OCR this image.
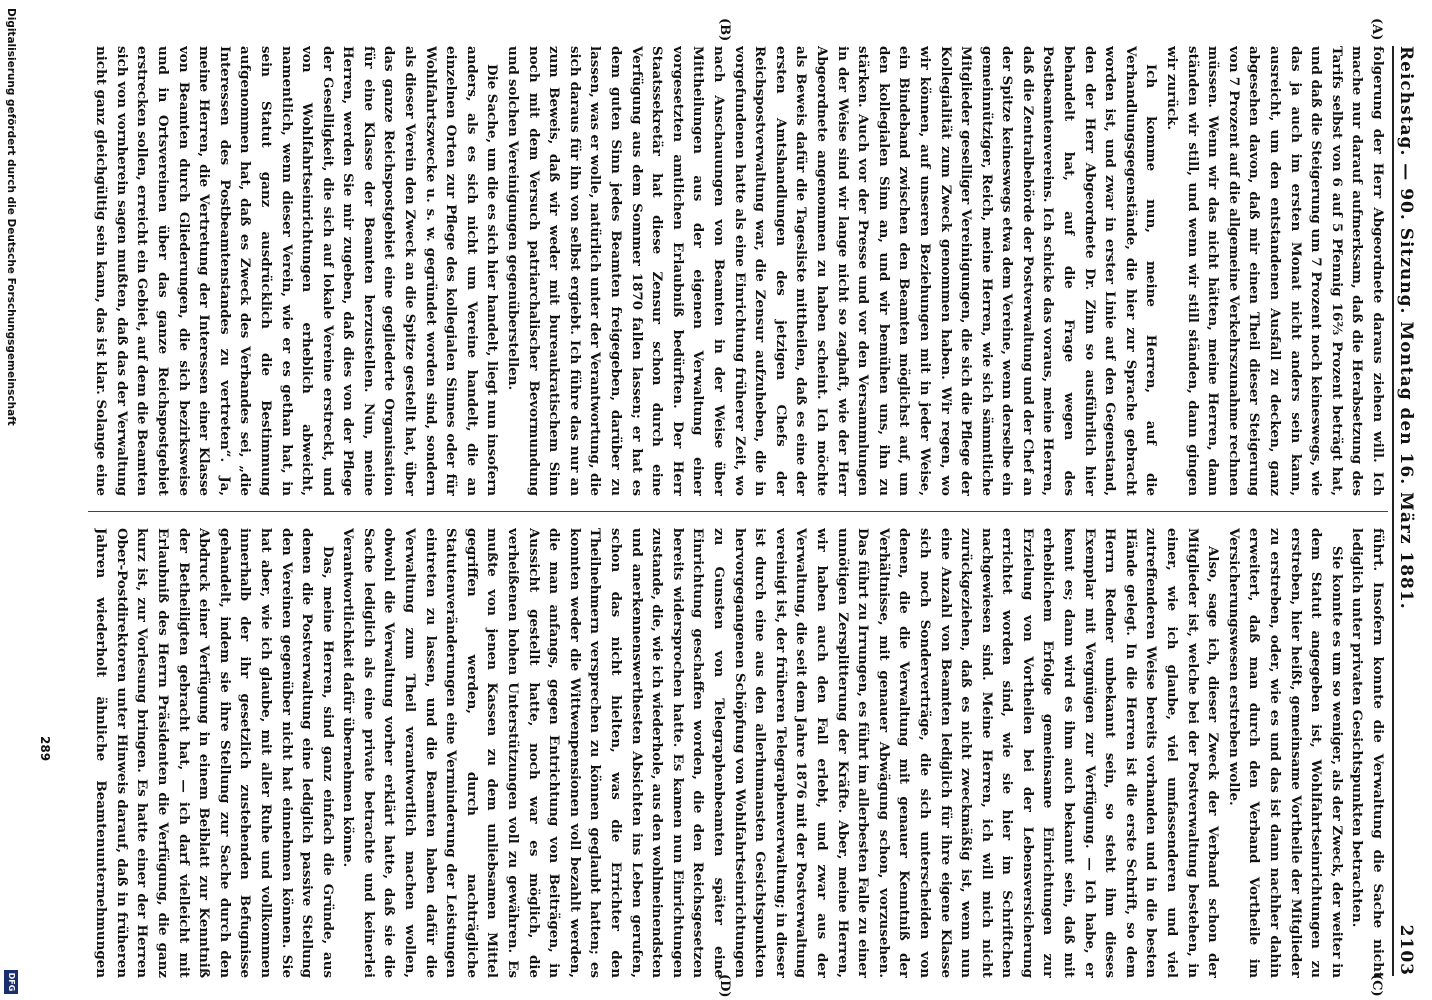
Reichstag. — 90. Sitzung. Montag den 16. März 1881.
2103
(A)
(B)
(C)
(D)

folgerung der Herr Abgeordnete daraus ziehen will. Ich mache nur darauf aufmerksam, daß die Herabsetzung des Tarifs selbst von 6 auf 5 Pfennig 16²⁄₃ Prozent beträgt hat, und daß die Steigerung um 7 Prozent noch keineswegs, wie das ja auch im ersten Monat nicht anders sein kann, ausreicht, um den entstandenen Ausfall zu decken, ganz abgesehen davon, daß mir einen Theil dieser Steigerung von 7 Prozent auf die allgemeine Verkehrszunahme rechnen müssen. Wenn wir das nicht hätten, meine Herren, dann ständen wir still, und wenn wir still ständen, dann gingen wir zurück.

Ich komme nun, meine Herren, auf die Verhandlungsgegenstände, die hier zur Sprache gebracht worden ist, und zwar in erster Linie auf den Gegenstand, den der Herr Abgeordnete Dr. Zinn so ausführlich hier behandelt hat, auf die Frage wegen des Postbeamtenvereins. Ich schicke das voraus, meine Herren, daß die Zentralbehörde der Postverwaltung und der Chef an der Spitze keineswegs etwa dem Vereine, wenn derselbe ein gemeinnütziger, Reich, meine Herren, wie sich sämmtliche Mitglieder geselliger Vereinigungen, die sich die Pflege der Kollegialität zum Zweck genommen haben. Wir regen, wo wir können, auf unseren Beziehungen mit in jeder Weise, ein Bindeband zwischen den Beamten möglichst auf, um den kollegialen Sinn an, und wir bemühen uns, ihn zu stärken. Auch vor der Presse und vor den Versammlungen in der Weise sind wir lange nicht so zaghaft, wie der Herr Abgeordnete angenommen zu haben scheint. Ich möchte als Beweis dafür die Tagesliste mittheilen, daß es eine der ersten Amtshandlungen des jetzigen Chefs der Reichspostverwaltung war, die Zensur aufzuheben, die in vorgefundenen hatte als eine Einrichtung früherer Zeit, wo nach Anschauungen von Beamten in der Weise über Mittheilungen aus der eigenen Verwaltung einer vorgesetzten amtlichen Erlaubniß bedürften. Der Herr Staatssekretär hat diese Zensur schon durch eine Verfügung aus dem Sommer 1870 fallen lassen; er hat es dem guten Sinn jedes Beamten freigegeben, darüber zu lassen, was er wolle, natürlich unter der Verantwortung, die sich daraus für ihn von selbst ergiebt. Ich führe das nur an zum Beweis, daß wir weder mit bureaukratischem Sinn noch mit dem Versuch patriarchalischer Bevormundung und solchen Vereinigungen gegenüberstellen.

Die Sache, um die es sich hier handelt, liegt nun insofern anders, als es sich nicht um Vereine handelt, die an einzelnen Orten zur Pflege des kollegialen Sinnes oder für Wohlfahrtszwecke u. s. w. gegründet worden sind, sondern als dieser Verein den Zweck an die Spitze gestellt hat, über das ganze Reichspostgebiet eine gegliederte Organisation für eine Klasse der Beamten herzustellen. Nun, meine Herren, werden Sie mir zugeben, daß dies von der Pflege der Geselligkeit, die sich auf lokale Vereine erstreckt, und von Wohlfahrtseinrichtungen erheblich abweicht, namentlich, wenn dieser Verein, wie er es gethan hat, in sein Statut ganz ausdrücklich die Bestimmung aufgenommen hat, daß es Zweck des Verbandes sei, „die Interessen des Postbeamtenstandes zu vertreten“. Ja, meine Herren, die Vertretung der Interessen einer Klasse von Beamten durch Gliederungen, die sich bezirksweise und in Ortsvereinen über das ganze Reichspostgebiet erstrecken sollen, erreicht ein Gebiet, auf dem die Beamten sich von vornherein sagen mußten, daß das der Verwaltung nicht ganz gleichgültig sein kann, das ist klar. Solange eine

führt. Insofern konnte die Verwaltung die Sache nicht lediglich unter privaten Gesichtspunkten betrachten.

Sie konnte es um so weniger, als der Zweck, der weiter in dem Statut angegeben ist, Wohlfahrtseinrichtungen zu erstreben, hier heißt, gemeinsame Vortheile der Mitglieder zu erstreben, oder, wie es und das ist dann nachher dahin erweitert, daß man durch den Verband Vortheile im Versicherungswesen erstreben wolle.

Also, sage ich, dieser Zweck der Verband schon der Mitglieder ist, welche bei der Postverwaltung bestehen, in einer, wie ich glaube, viel umfassenderen und viel zutreffenderen Weise bereits vorhanden und in die besten Hände gelegt. In die Herren ist die erste Schrift, so dem Herrn Redner unbekannt sein, so steht ihm dieses Exemplar mit Vergnügen zur Verfügung. — Ich habe, er kennt es; dann wird es ihm auch bekannt sein, daß mit erheblichem Erfolge gemeinsame Einrichtungen zur Erzielung von Vortheilen bei der Lebensversicherung errichtet worden sind, wie sie hier im Schriftchen nachgewiesen sind. Meine Herren, ich will mich nicht zurückgeziehen, daß es nicht zweckmäßig ist, wenn nun eine Anzahl von Beamten lediglich für ihre eigene Klasse sich noch Sonderverträge, die sich unterscheiden von denen, die die Verwaltung mit genauer Kenntniß der Verhältnisse, mit genauer Abwägung schon, vorzusehen. Das führt zu Irrungen, es führt im allerbesten Falle zu einer unnötigen Zersplitterung der Kräfte. Aber, meine Herren, wir haben auch den Fall erlebt, und zwar aus der Verwaltung, die seit dem Jahre 1876 mit der Postverwaltung vereinigt ist, der früheren Telegraphenverwaltung; in dieser ist durch eine aus den allerhumansten Gesichtspunkten hervorgegangenen Schöpfung von Wohlfahrtseinrichtungen zu Gunsten von Telegraphenbeamten später eine Einrichtung geschaffen worden, die den Reichsgesetzen bereits widersprochen hatte. Es kamen nun Einrichtungen zustande, die, wie ich wiederhole, aus den wohlmeinendsten und anerkennenswerthesten Absichten ins Leben gerufen, schon das nicht hielten, was die Errichter den Theilnehmern versprechen zu können geglaubt hatten; es konnten weder die Wittwenpensionen voll bezahlt werden, die man anfangs, gegen Entrichtung von Beiträgen, in Aussicht gestellt hatte, noch war es möglich, die verheißenen hohen Unterstützungen voll zu gewähren. Es mußte von jenen Kassen zu dem unliebsamen Mittel gegriffen werden, durch nachträgliche Statutenveränderungen eine Verminderung der Leistungen eintreten zu lassen, und die Beamten haben dafür die Verwaltung zum Theil verantwortlich machen wollen, obwohl die Verwaltung vorher erklärt hatte, daß sie die Sache lediglich als eine private betrachte und keinerlei Verantwortlichkeit dafür übernehmen könne.

Das, meine Herren, sind ganz einfach die Gründe, aus denen die Postverwaltung eine lediglich passive Stellung den Vereinen gegenüber nicht hat einnehmen können. Sie hat aber, wie ich glaube, mit aller Ruhe und vollkommen innerhalb der ihr gesetzlich zustehenden Befugnisse gehandelt, indem sie ihre Stellung zur Sache durch den Abdruck einer Verfügung in einem Beiblatt zur Kenntniß der Betheiligten gebracht hat, — ich darf vielleicht mit Erlaubniß des Herrn Präsidenten die Verfügung, die ganz kurz ist, zur Vorlesung bringen. Es hatte einer der Herren Ober-Postdirektoren unter Hinweis darauf, daß in früheren Jahren wiederholt ähnliche Beamtenunternehmungen

289
Digitalisierung gefördert durch die Deutsche Forschungsgemeinschaft
DFG
